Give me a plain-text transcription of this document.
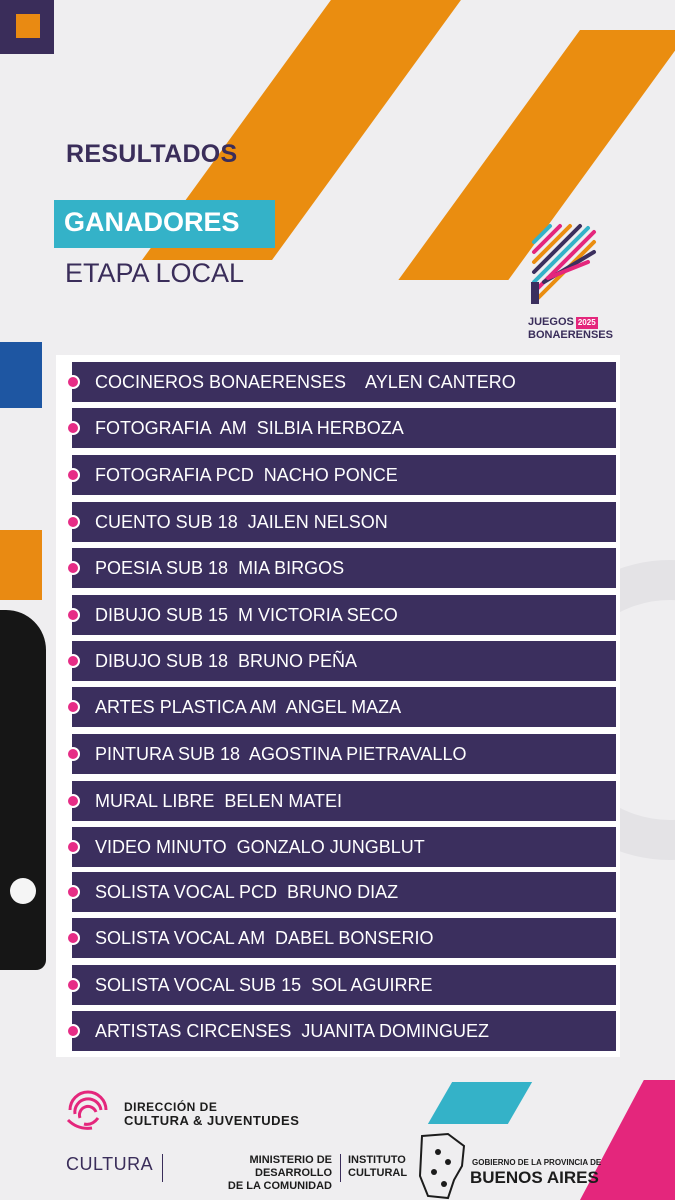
RESULTADOS
GANADORES
ETAPA LOCAL
JUEGOS 2025
BONAERENSES
COCINEROS BONAERENSES    AYLEN CANTERO
FOTOGRAFIA  AM  SILBIA HERBOZA
FOTOGRAFIA PCD  NACHO PONCE
CUENTO SUB 18  JAILEN NELSON
POESIA SUB 18  MIA BIRGOS
DIBUJO SUB 15  M VICTORIA SECO
DIBUJO SUB 18  BRUNO PEÑA
ARTES PLASTICA AM  ANGEL MAZA
PINTURA SUB 18  AGOSTINA PIETRAVALLO
MURAL LIBRE  BELEN MATEI
VIDEO MINUTO  GONZALO JUNGBLUT
SOLISTA VOCAL PCD  BRUNO DIAZ
SOLISTA VOCAL AM  DABEL BONSERIO
SOLISTA VOCAL SUB 15  SOL AGUIRRE
ARTISTAS CIRCENSES  JUANITA DOMINGUEZ
DIRECCIÓN DE
CULTURA & JUVENTUDES
CULTURA	MINISTERIO DE DESARROLLO
DE LA COMUNIDAD
INSTITUTO
CULTURAL
GOBIERNO DE LA PROVINCIA DE
BUENOS AIRES
